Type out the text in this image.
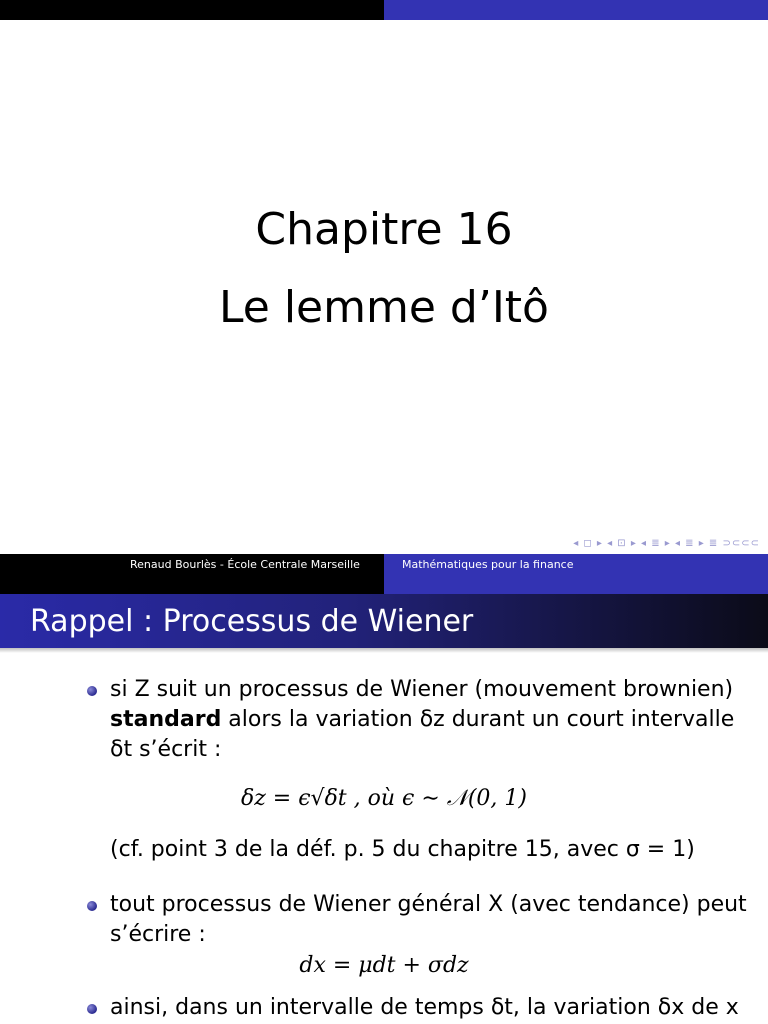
Chapitre 16
Le lemme d’Itô
◂ ◻ ▸ ◂ ⊡ ▸ ◂ ≣ ▸ ◂ ≣ ▸ ≣ ⊃⊂⊂⊂
Renaud Bourlès - École Centrale Marseille	Mathématiques pour la finance
Rappel : Processus de Wiener
si Z suit un processus de Wiener (mouvement brownien)
standard alors la variation δz durant un court intervalle
δt s’écrit :
δz = ϵ√δt , où ϵ ∼ 𝒩(0, 1)
(cf. point 3 de la déf. p. 5 du chapitre 15, avec σ = 1)
tout processus de Wiener général X (avec tendance) peut
s’écrire :
dx = μdt + σdz
ainsi, dans un intervalle de temps δt, la variation δx de x
